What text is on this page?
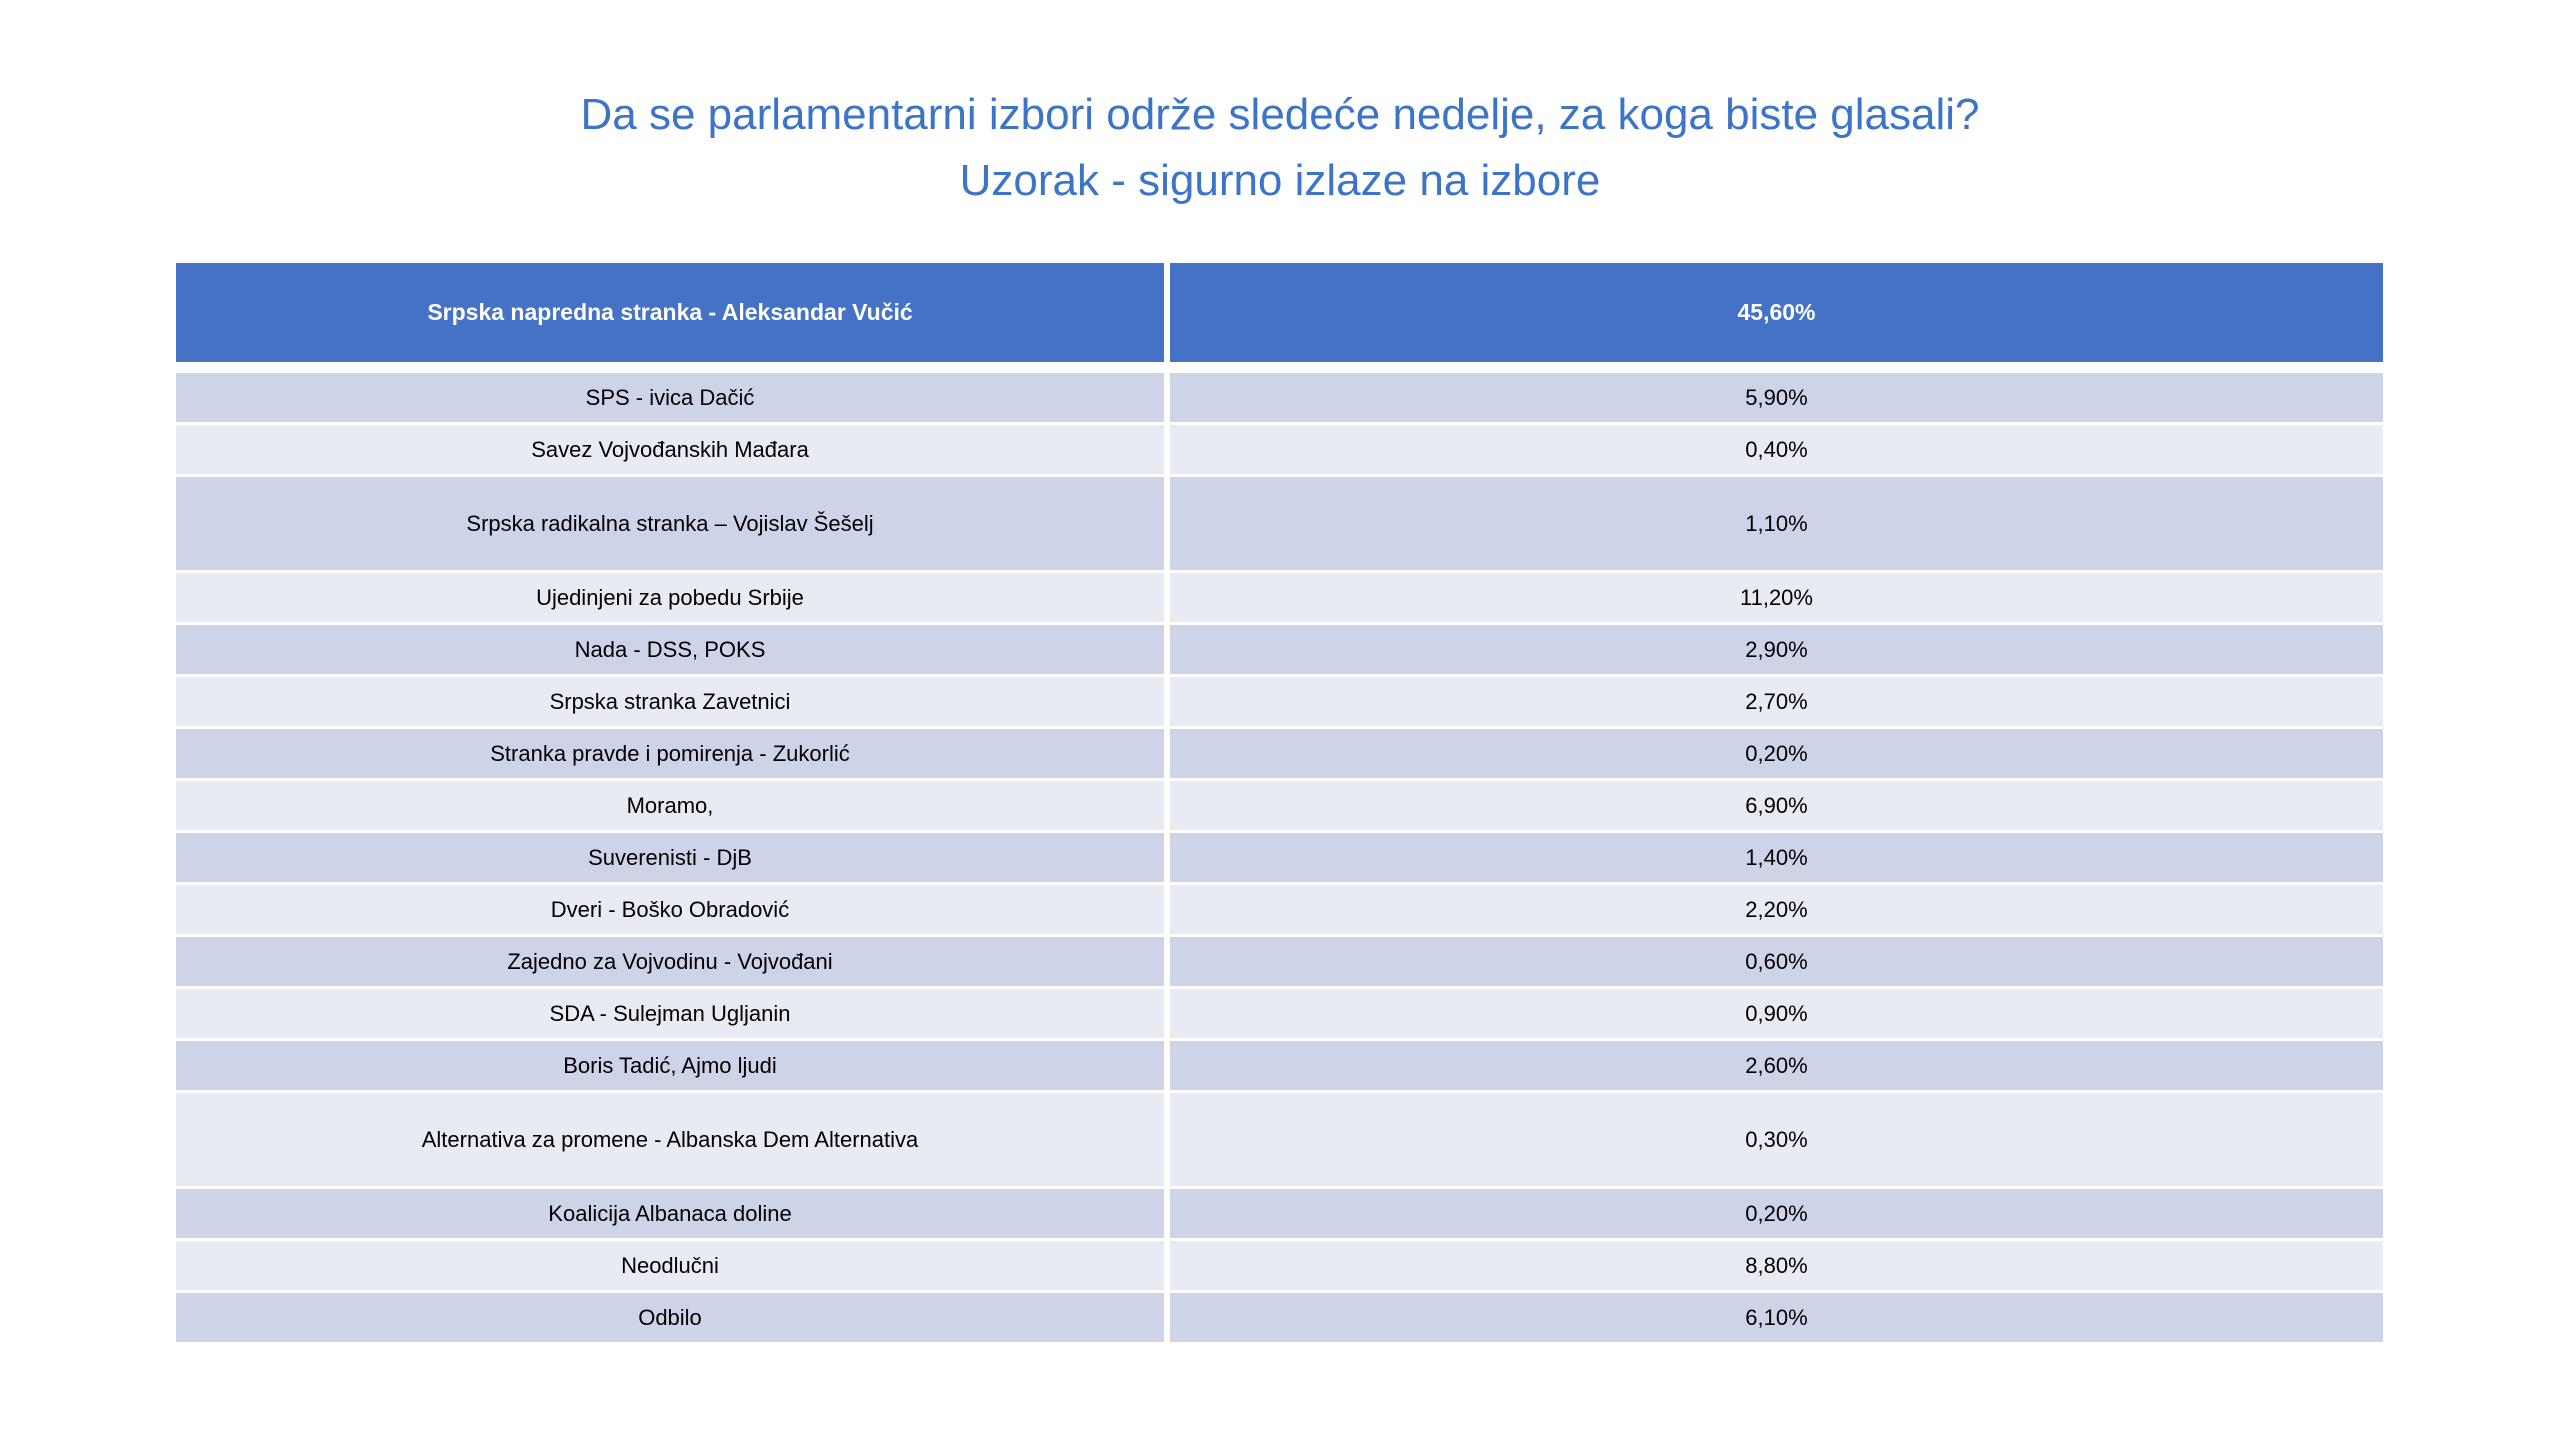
Da se parlamentarni izbori održe sledeće nedelje, za koga biste glasali?
Uzorak - sigurno izlaze na izbore
Srpska napredna stranka - Aleksandar Vučić	45,60%
SPS - ivica Dačić	5,90%
Savez Vojvođanskih Mađara	0,40%
Srpska radikalna stranka – Vojislav Šešelj	1,10%
Ujedinjeni za pobedu Srbije	11,20%
Nada - DSS, POKS	2,90%
Srpska stranka Zavetnici	2,70%
Stranka pravde i pomirenja - Zukorlić	0,20%
Moramo,	6,90%
Suverenisti - DjB	1,40%
Dveri - Boško Obradović	2,20%
Zajedno za Vojvodinu - Vojvođani	0,60%
SDA - Sulejman Ugljanin	0,90%
Boris Tadić, Ajmo ljudi	2,60%
Alternativa za promene - Albanska Dem Alternativa	0,30%
Koalicija Albanaca doline	0,20%
Neodlučni	8,80%
Odbilo	6,10%
